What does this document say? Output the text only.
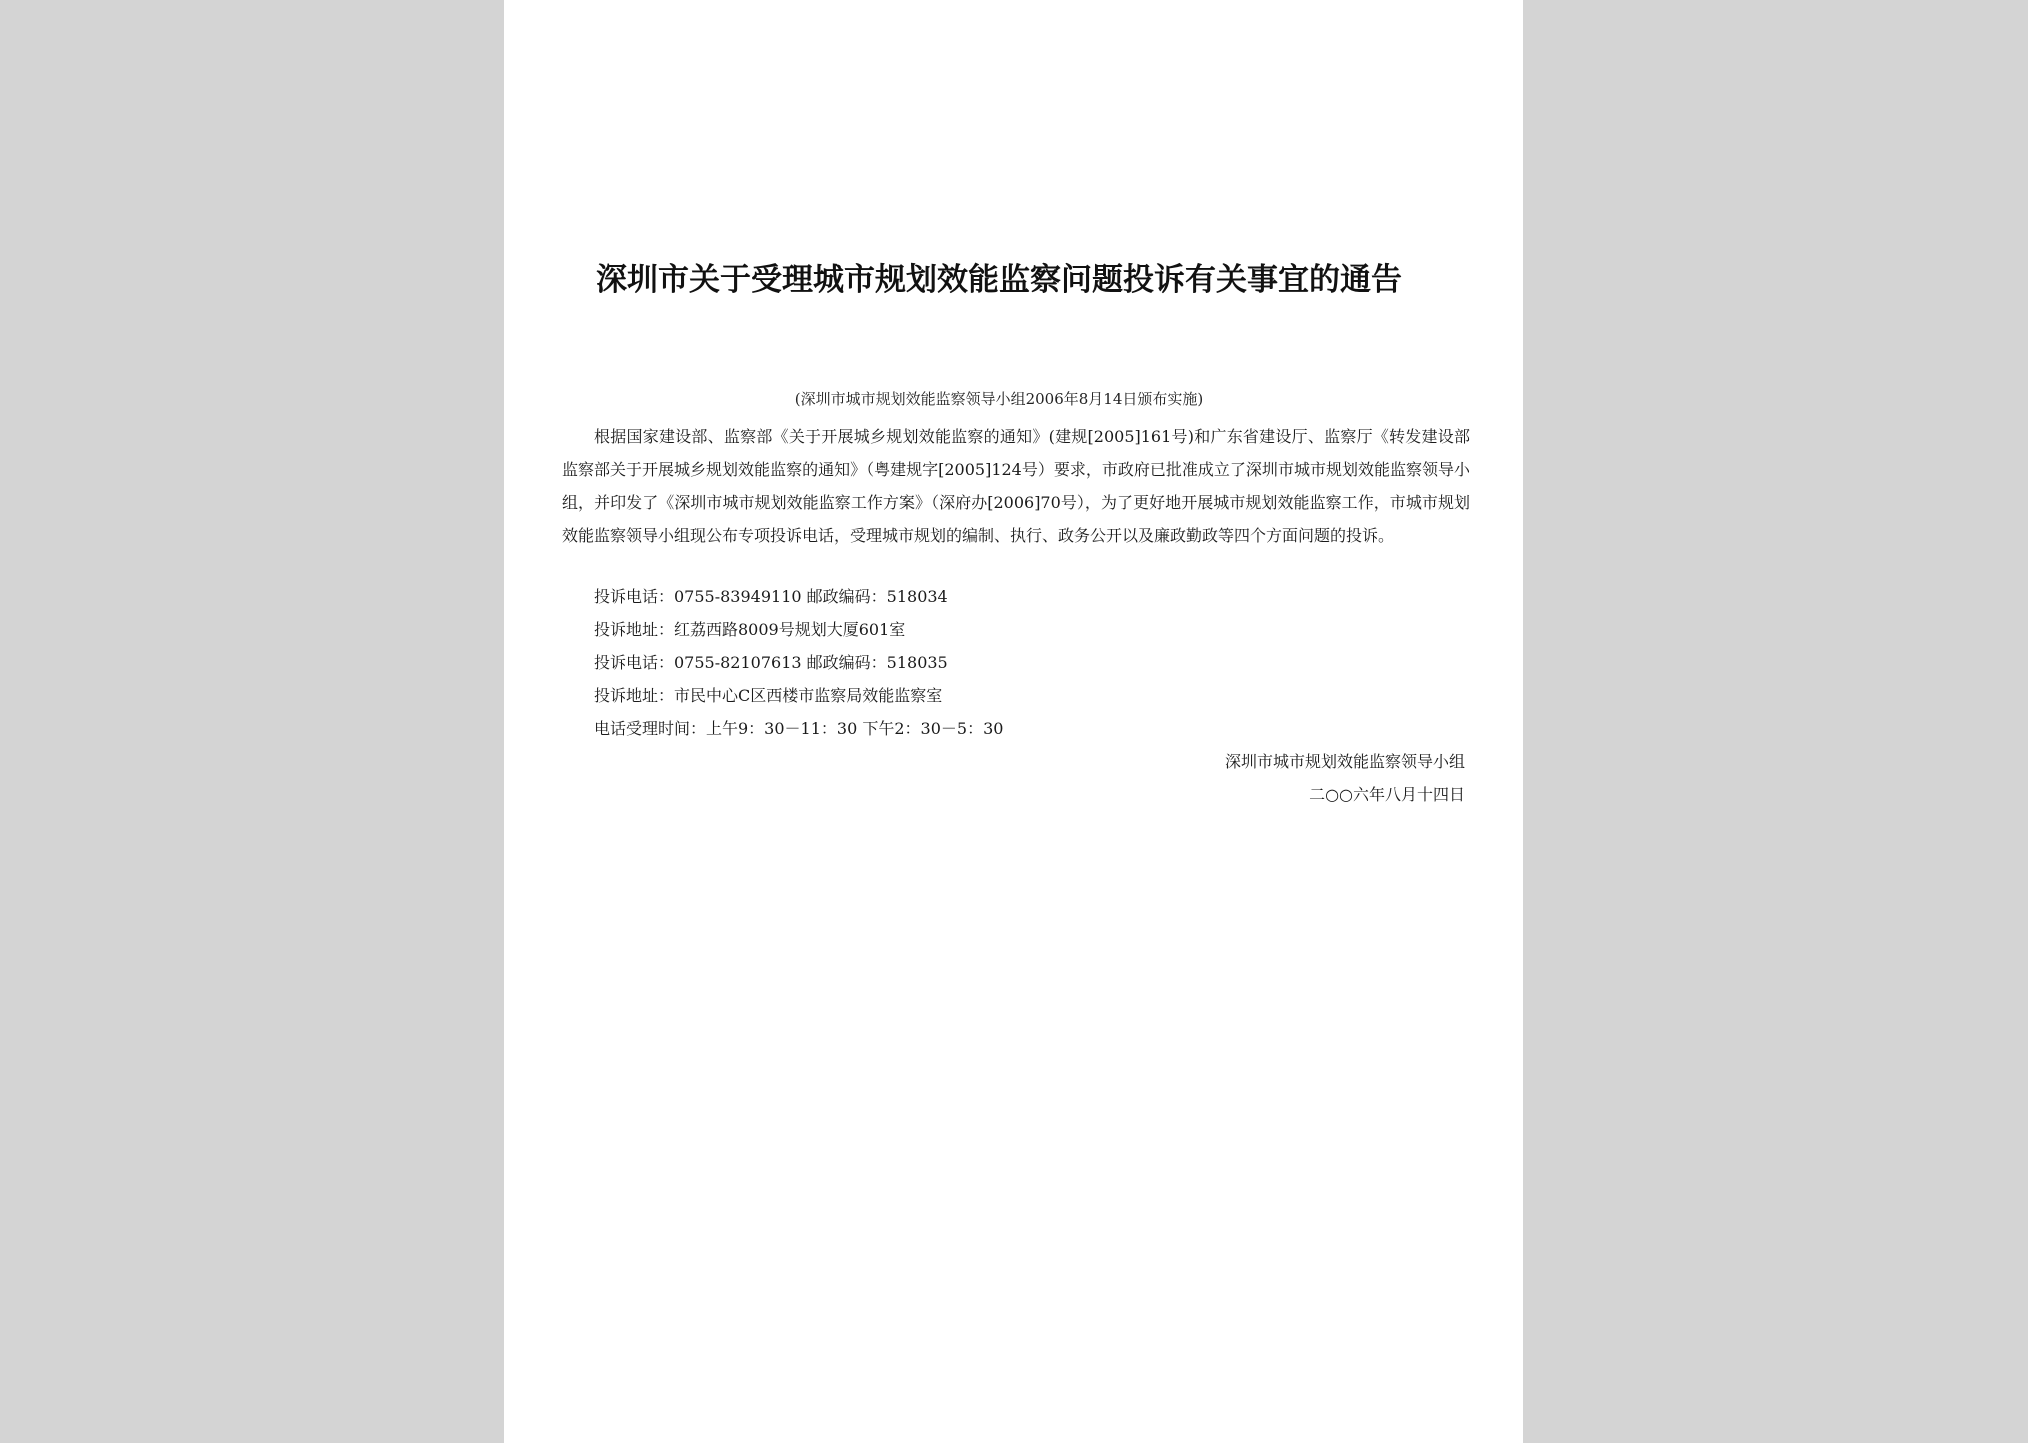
深圳市关于受理城市规划效能监察问题投诉有关事宜的通告
(深圳市城市规划效能监察领导小组2006年8月14日颁布实施)
根据国家建设部、监察部《关于开展城乡规划效能监察的通知》(建规[2005]161号)和广东省建设厅、监察厅《转发建设部监察部关于开展城乡规划效能监察的通知》（粤建规字[2005]124号）要求，市政府已批准成立了深圳市城市规划效能监察领导小组，并印发了《深圳市城市规划效能监察工作方案》（深府办[2006]70号），为了更好地开展城市规划效能监察工作，市城市规划效能监察领导小组现公布专项投诉电话，受理城市规划的编制、执行、政务公开以及廉政勤政等四个方面问题的投诉。
投诉电话：0755-83949110 邮政编码：518034
投诉地址：红荔西路8009号规划大厦601室
投诉电话：0755-82107613 邮政编码：518035
投诉地址：市民中心C区西楼市监察局效能监察室
电话受理时间：上午9：30－11：30 下午2：30－5：30
深圳市城市规划效能监察领导小组
二○○六年八月十四日
